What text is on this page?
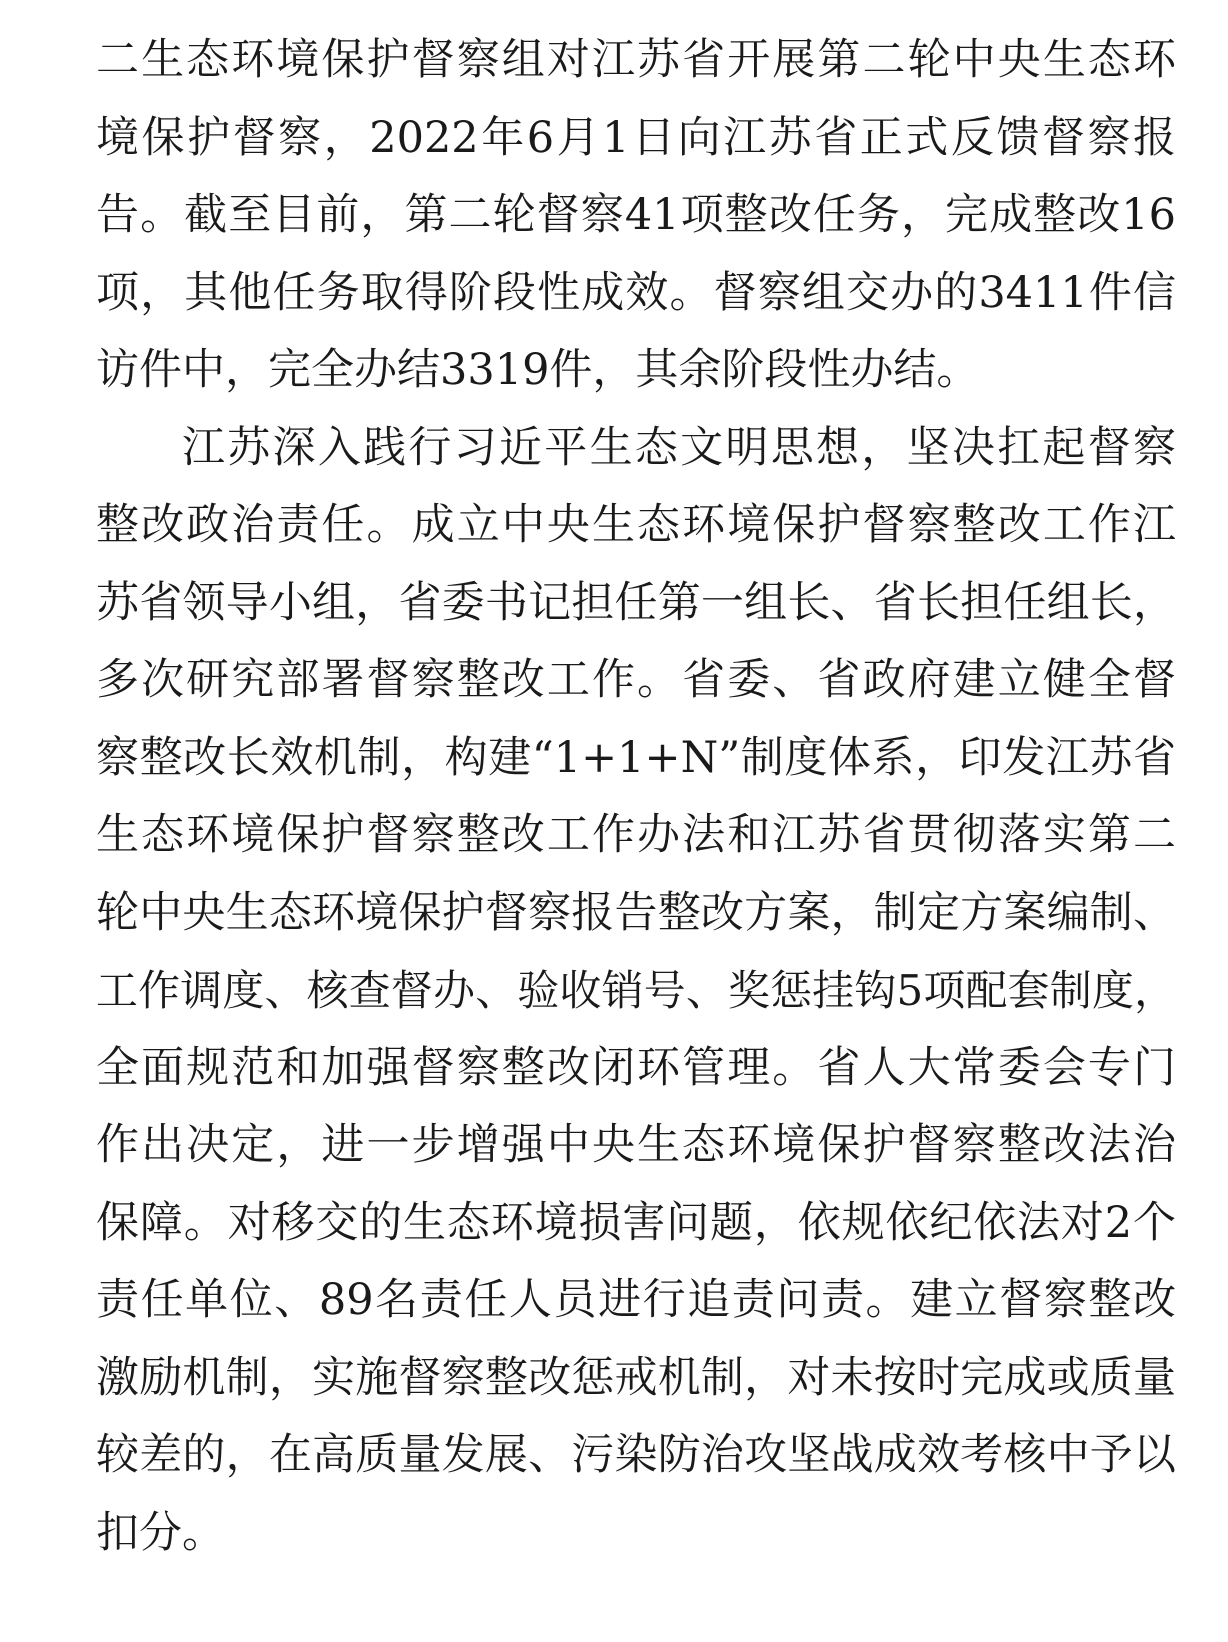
二生态环境保护督察组对江苏省开展第二轮中央生态环
境保护督察，2022年6月1日向江苏省正式反馈督察报
告。截至目前，第二轮督察41项整改任务，完成整改16
项，其他任务取得阶段性成效。督察组交办的3411件信
访件中，完全办结3319件，其余阶段性办结。
江苏深入践行习近平生态文明思想，坚决扛起督察
整改政治责任。成立中央生态环境保护督察整改工作江
苏省领导小组，省委书记担任第一组长、省长担任组长，
多次研究部署督察整改工作。省委、省政府建立健全督
察整改长效机制，构建“1+1+N”制度体系，印发江苏省
生态环境保护督察整改工作办法和江苏省贯彻落实第二
轮中央生态环境保护督察报告整改方案，制定方案编制、
工作调度、核查督办、验收销号、奖惩挂钩5项配套制度，
全面规范和加强督察整改闭环管理。省人大常委会专门
作出决定，进一步增强中央生态环境保护督察整改法治
保障。对移交的生态环境损害问题，依规依纪依法对2个
责任单位、89名责任人员进行追责问责。建立督察整改
激励机制，实施督察整改惩戒机制，对未按时完成或质量
较差的，在高质量发展、污染防治攻坚战成效考核中予以
扣分。
